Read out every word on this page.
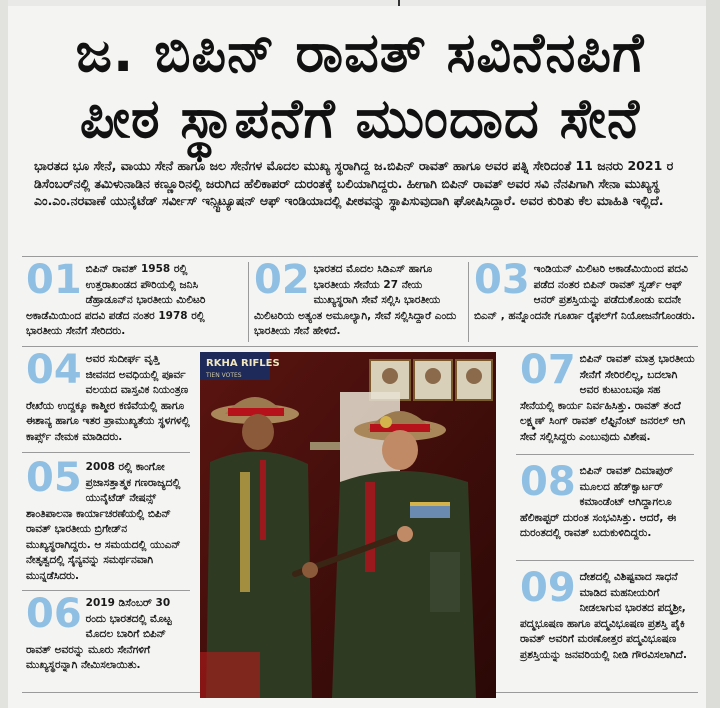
ಜ. ಬಿಪಿನ್ ರಾವತ್ ಸವಿನೆನಪಿಗೆ
ಪೀಠ ಸ್ಥಾಪನೆಗೆ ಮುಂದಾದ ಸೇನೆ
ಭಾರತದ ಭೂ ಸೇನೆ, ವಾಯು ಸೇನೆ ಹಾಗೂ ಜಲ ಸೇನೆಗಳ ಮೊದಲ ಮುಖ್ಯ ಸ್ಥರಾಗಿದ್ದ ಜ.ಬಿಪಿನ್ ರಾವತ್ ಹಾಗೂ ಅವರ ಪತ್ನಿ ಸೇರಿದಂತೆ 11 ಜನರು 2021 ರ ಡಿಸೆಂಬರ್‌ನಲ್ಲಿ ತಮಿಳುನಾಡಿನ ಕಣ್ಣೂರಿನಲ್ಲಿ ಜರುಗಿದ ಹೆಲಿಕಾಪರ್ ದುರಂತಕ್ಕೆ ಬಲಿಯಾಗಿದ್ದರು. ಹೀಗಾಗಿ ಬಿಪಿನ್ ರಾವತ್ ಅವರ ಸವಿ ನೆನಪಿಗಾಗಿ ಸೇನಾ ಮುಖ್ಯಸ್ಥ ಎಂ.ಎಂ.ನರವಾಣೆ ಯುನೈಟೆಡ್ ಸರ್ವೀಸ್ ಇನ್ಸ್ಟಿಟ್ಯೂಷನ್ ಆಫ್ ಇಂಡಿಯಾದಲ್ಲಿ ಪೀಠವನ್ನು ಸ್ಥಾಪಿಸುವುದಾಗಿ ಘೋಷಿಸಿದ್ದಾರೆ. ಅವರ ಕುರಿತು ಕೆಲ ಮಾಹಿತಿ ಇಲ್ಲಿದೆ.
01 ಬಿಪಿನ್ ರಾವತ್ 1958 ರಲ್ಲಿ ಉತ್ತರಾಖಂಡದ ಪೌರಿಯಲ್ಲಿ ಜನಿಸಿ ಡೆಹ್ರಾಡೂನ್‌ನ ಭಾರತೀಯ ಮಿಲಿಟರಿ ಅಕಾಡೆಮಿಯಿಂದ ಪದವಿ ಪಡೆದ ನಂತರ 1978 ರಲ್ಲಿ ಭಾರತೀಯ ಸೇನೆಗೆ ಸೇರಿದರು.
02 ಭಾರತದ ಮೊದಲ ಸಿಡಿಎಸ್ ಹಾಗೂ ಭಾರತೀಯ ಸೇನೆಯ 27 ನೇಯ ಮುಖ್ಯಸ್ಥರಾಗಿ ಸೇವೆ ಸಲ್ಲಿಸಿ ಭಾರತೀಯ ಮಿಲಿಟರಿಯ ಅತ್ಯಂತ ಅಮೂಲ್ಯಾಗಿ, ಸೇವೆ ಸಲ್ಲಿಸಿದ್ದಾರೆ ಎಂದು ಭಾರತೀಯ ಸೇನೆ ಹೇಳಿದೆ.
03 ಇಂಡಿಯನ್ ಮಿಲಿಟರಿ ಅಕಾಡೆಮಿಯಿಂದ ಪದವಿ ಪಡೆದ ನಂತರ ಬಿಪಿನ್ ರಾವತ್ ಸ್ವರ್ಡ್ ಆಫ್ ಆನರ್ ಪ್ರಶಸ್ತಿಯನ್ನು ಪಡೆದುಕೊಂಡು ಐದನೇ ಬಿಎನ್ , ಹನ್ನೊಂದನೇ ಗೂರ್ಖಾ ರೈಫಲ್‌ಗೆ ನಿಯೋಜನೆಗೊಂಡರು.
04 ಅವರ ಸುದೀರ್ಘ ವೃತ್ತಿ ಜೀವನದ ಅವಧಿಯಲ್ಲಿ ಪೂರ್ವ ವಲಯದ ವಾಸ್ತವಿಕ ನಿಯಂತ್ರಣ ರೇಖೆಯ ಉದ್ದಕ್ಕೂ ಕಾಶ್ಮೀರ ಕಣಿವೆಯಲ್ಲಿ ಹಾಗೂ ಈಶಾನ್ಯ ಹಾಗೂ ಇತರ ಪ್ರಾಮುಖ್ಯತೆಯ ಸ್ಥಳಗಳಲ್ಲಿ ಕಾರ್ಪ್ಸ್ ನೇಮಕ ಮಾಡಿದರು.
05 2008 ರಲ್ಲಿ ಕಾಂಗೋ ಪ್ರಜಾಸತ್ತಾತ್ಮಕ ಗಣರಾಜ್ಯದಲ್ಲಿ ಯುನೈಟೆಡ್ ನೇಷನ್ಸ್ ಶಾಂತಿಪಾಲನಾ ಕಾರ್ಯಾಚರಣೆಯಲ್ಲಿ ಬಿಪಿನ್ ರಾವತ್ ಭಾರತೀಯ ಬ್ರಿಗೇಡ್‌ನ ಮುಖ್ಯಸ್ಥರಾಗಿದ್ದರು. ಆ ಸಮಯದಲ್ಲಿ ಯುಎನ್ ನೇತೃತ್ವದಲ್ಲಿ ಸೈನ್ಯವನ್ನು ಸಮರ್ಥನವಾಗಿ ಮುನ್ನಡೆಸಿದರು.
06 2019 ಡಿಸೆಂಬರ್ 30 ರಂದು ಭಾರತದಲ್ಲಿ ಮೊಟ್ಟ ಮೊದಲ ಬಾರಿಗೆ ಬಿಪಿನ್ ರಾವತ್ ಅವರನ್ನು ಮೂರು ಸೇನೆಗಳಿಗೆ ಮುಖ್ಯಸ್ಥರನ್ನಾಗಿ ನೇಮಿಸಲಾಯಿತು.
07 ಬಿಪಿನ್ ರಾವತ್ ಮಾತ್ರ ಭಾರತೀಯ ಸೇನೆಗೆ ಸೇರಿರಲಿಲ್ಲ, ಬದಲಾಗಿ ಅವರ ಕುಟುಂಬವೂ ಸಹ ಸೇನೆಯಲ್ಲಿ ಕಾರ್ಯ ನಿರ್ವಹಿಸಿತ್ತು. ರಾವತ್ ತಂದೆ ಲಕ್ಷ್ಮಣ್ ಸಿಂಗ್ ರಾವತ್ ಲೆಫ್ಟಿನೆಂಟ್ ಜನರಲ್ ಆಗಿ ಸೇವೆ ಸಲ್ಲಿಸಿದ್ದರು ಎಂಬುವುದು ವಿಶೇಷ.
08 ಬಿಪಿನ್ ರಾವತ್ ದಿಮಾಪುರ್ ಮೂಲದ ಹೆಡ್‌ಕ್ವಾರ್ಟರ್ ಕಮಾಂಡೆಂಟ್ ಆಗಿದ್ದಾಗಲೂ ಹೆಲಿಕಾಪ್ಟರ್ ದುರಂತ ಸಂಭವಿಸಿತ್ತು. ಆದರೆ, ಈ ದುರಂತದಲ್ಲಿ ರಾವತ್ ಬದುಕುಳಿದಿದ್ದರು.
09 ದೇಶದಲ್ಲಿ ವಿಶಿಷ್ಟವಾದ ಸಾಧನೆ ಮಾಡಿದ ಮಹನೀಯರಿಗೆ ನೀಡಲಾಗುವ ಭಾರತದ ಪದ್ಮಶ್ರೀ, ಪದ್ಮಭೂಷಣ ಹಾಗೂ ಪದ್ಮವಿಭೂಷಣ ಪ್ರಶಸ್ತಿ ಪೈಕಿ ರಾವತ್ ಅವರಿಗೆ ಮರಣೋತ್ತರ ಪದ್ಮವಿಭೂಷಣ ಪ್ರಶಸ್ತಿಯನ್ನು ಜನವರಿಯಲ್ಲಿ ನೀಡಿ ಗೌರವಿಸಲಾಗಿದೆ.
RKHA RIFLES
TIEN VOTES
